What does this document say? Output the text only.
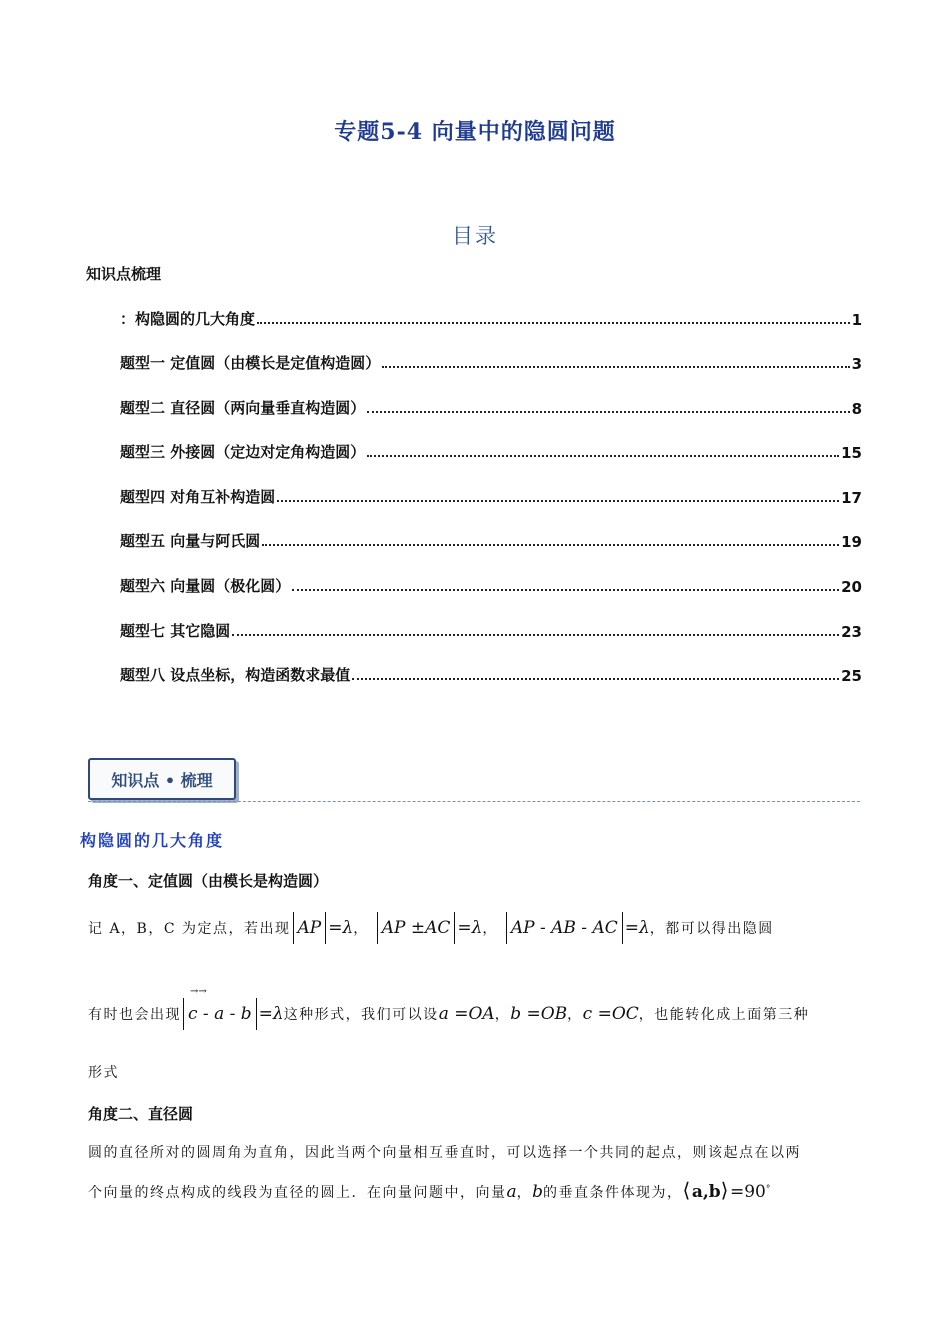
专题5-4 向量中的隐圆问题
目录
知识点梳理
：构隐圆的几大角度	1
题型一 定值圆（由模长是定值构造圆）	3
题型二 直径圆（两向量垂直构造圆）	8
题型三 外接圆（定边对定角构造圆）	15
题型四 对角互补构造圆	17
题型五 向量与阿氏圆	19
题型六 向量圆（极化圆）	20
题型七 其它隐圆	23
题型八 设点坐标，构造函数求最值	25
知识点 • 梳理
构隐圆的几大角度
角度一、定值圆（由模长是构造圆）
记 A，B，C 为定点，若出现 AP =λ， AP ±AC =λ， AP - AB - AC =λ，都可以得出隐圆
有时也会出现
→→
c - a - b =λ这种形式，我们可以设a =OA，b =OB，c =OC，也能转化成上面第三种
形式
角度二、直径圆
圆的直径所对的圆周角为直角，因此当两个向量相互垂直时，可以选择一个共同的起点，则该起点在以两
个向量的终点构成的线段为直径的圆上．在向量问题中，向量a，b的垂直条件体现为，⟨a,b⟩=90°
